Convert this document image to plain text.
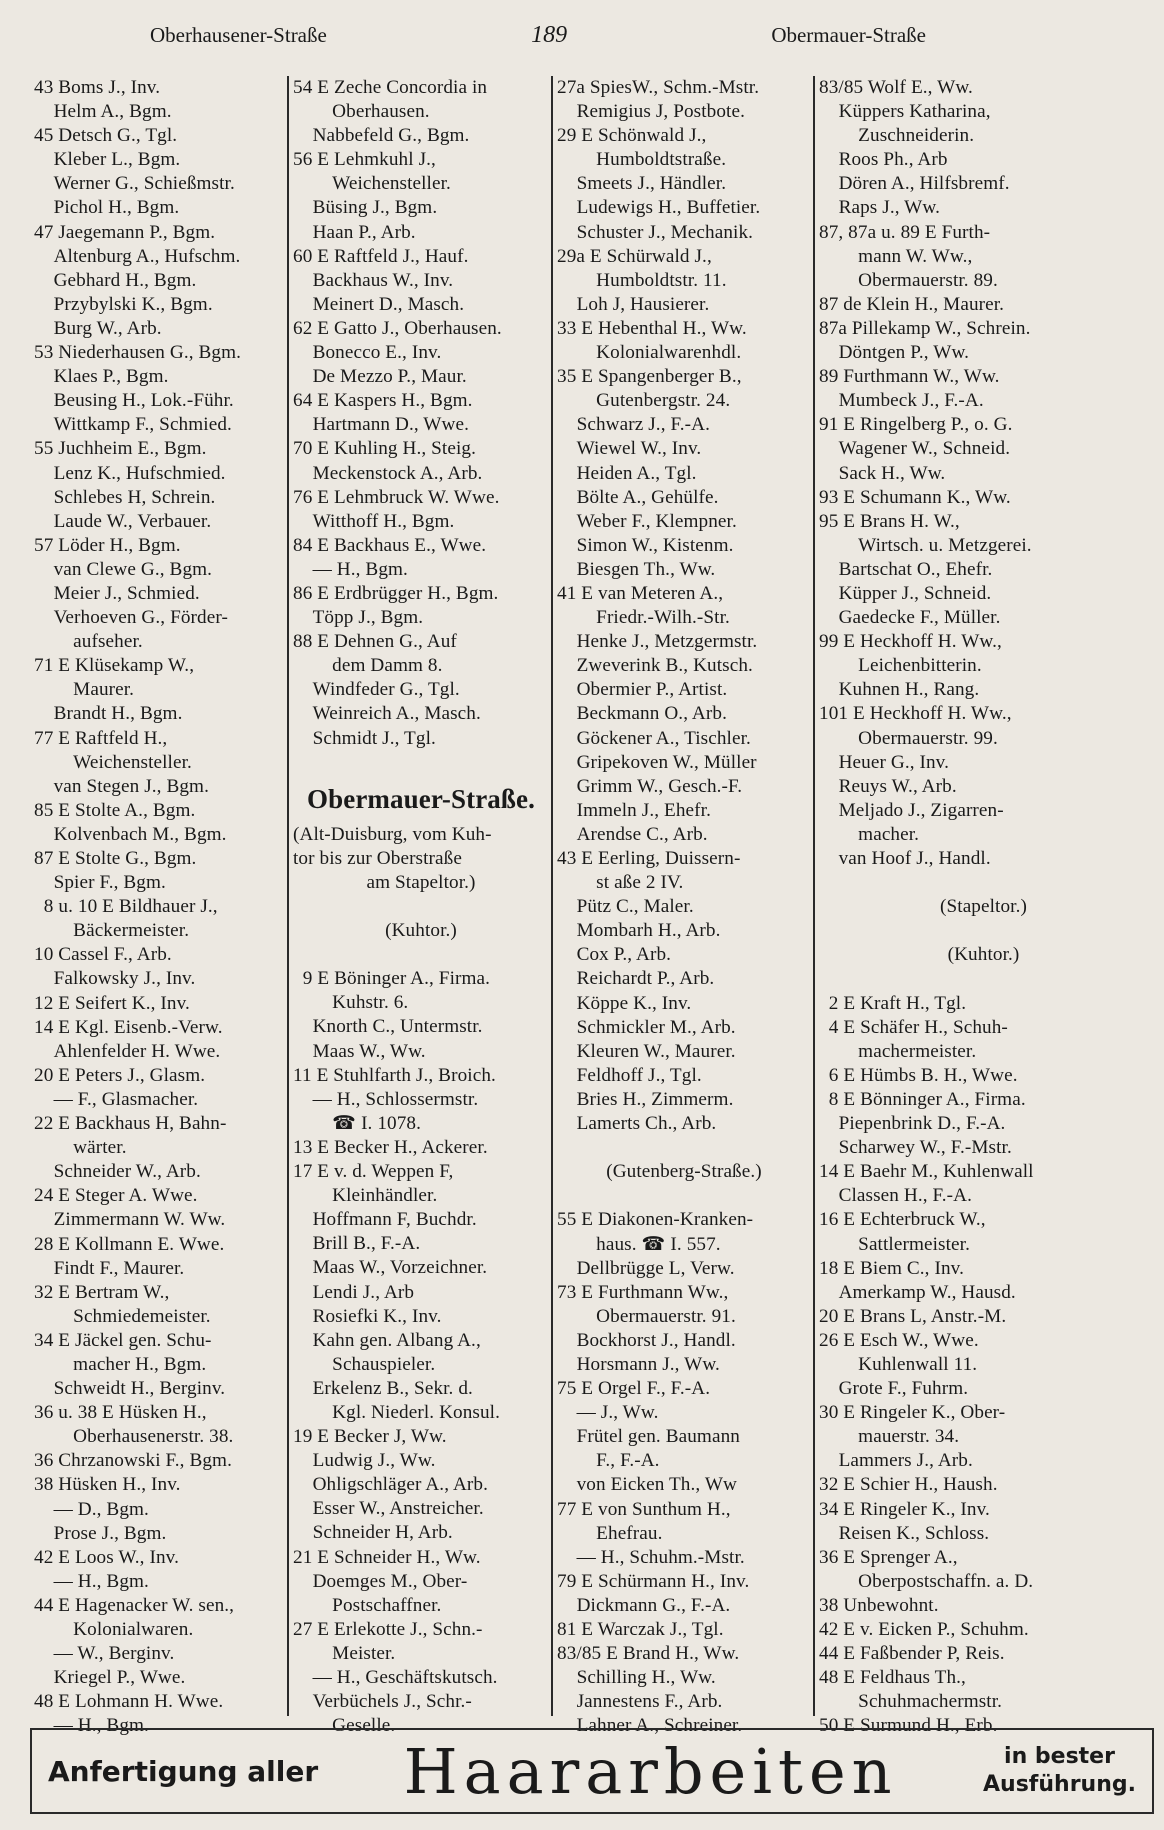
Oberhausener-Straße	189	Obermauer-Straße
43 Boms J., Inv.
Helm A., Bgm.
45 Detsch G., Tgl.
Kleber L., Bgm.
Werner G., Schießmstr.
Pichol H., Bgm.
47 Jaegemann P., Bgm.
Altenburg A., Hufschm.
Gebhard H., Bgm.
Przybylski K., Bgm.
Burg W., Arb.
53 Niederhausen G., Bgm.
Klaes P., Bgm.
Beusing H., Lok.-Führ.
Wittkamp F., Schmied.
55 Juchheim E., Bgm.
Lenz K., Hufschmied.
Schlebes H, Schrein.
Laude W., Verbauer.
57 Löder H., Bgm.
van Clewe G., Bgm.
Meier J., Schmied.
Verhoeven G., Förder-
aufseher.
71 E Klüsekamp W.,
Maurer.
Brandt H., Bgm.
77 E Raftfeld H.,
Weichensteller.
van Stegen J., Bgm.
85 E Stolte A., Bgm.
Kolvenbach M., Bgm.
87 E Stolte G., Bgm.
Spier F., Bgm.
8 u. 10 E Bildhauer J.,
Bäckermeister.
10 Cassel F., Arb.
Falkowsky J., Inv.
12 E Seifert K., Inv.
14 E Kgl. Eisenb.-Verw.
Ahlenfelder H. Wwe.
20 E Peters J., Glasm.
— F., Glasmacher.
22 E Backhaus H, Bahn-
wärter.
Schneider W., Arb.
24 E Steger A. Wwe.
Zimmermann W. Ww.
28 E Kollmann E. Wwe.
Findt F., Maurer.
32 E Bertram W.,
Schmiedemeister.
34 E Jäckel gen. Schu-
macher H., Bgm.
Schweidt H., Berginv.
36 u. 38 E Hüsken H.,
Oberhausenerstr. 38.
36 Chrzanowski F., Bgm.
38 Hüsken H., Inv.
— D., Bgm.
Prose J., Bgm.
42 E Loos W., Inv.
— H., Bgm.
44 E Hagenacker W. sen.,
Kolonialwaren.
— W., Berginv.
Kriegel P., Wwe.
48 E Lohmann H. Wwe.
— H., Bgm.
54 E Zeche Concordia in
Oberhausen.
Nabbefeld G., Bgm.
56 E Lehmkuhl J.,
Weichensteller.
Büsing J., Bgm.
Haan P., Arb.
60 E Raftfeld J., Hauf.
Backhaus W., Inv.
Meinert D., Masch.
62 E Gatto J., Oberhausen.
Bonecco E., Inv.
De Mezzo P., Maur.
64 E Kaspers H., Bgm.
Hartmann D., Wwe.
70 E Kuhling H., Steig.
Meckenstock A., Arb.
76 E Lehmbruck W. Wwe.
Witthoff H., Bgm.
84 E Backhaus E., Wwe.
— H., Bgm.
86 E Erdbrügger H., Bgm.
Töpp J., Bgm.
88 E Dehnen G., Auf
dem Damm 8.
Windfeder G., Tgl.
Weinreich A., Masch.
Schmidt J., Tgl.
Obermauer-Straße.
(Alt-Duisburg, vom Kuh-
tor bis zur Oberstraße
am Stapeltor.)
(Kuhtor.)
9 E Böninger A., Firma.
Kuhstr. 6.
Knorth C., Untermstr.
Maas W., Ww.
11 E Stuhlfarth J., Broich.
— H., Schlossermstr.
☎ I. 1078.
13 E Becker H., Ackerer.
17 E v. d. Weppen F,
Kleinhändler.
Hoffmann F, Buchdr.
Brill B., F.-A.
Maas W., Vorzeichner.
Lendi J., Arb
Rosiefki K., Inv.
Kahn gen. Albang A.,
Schauspieler.
Erkelenz B., Sekr. d.
Kgl. Niederl. Konsul.
19 E Becker J, Ww.
Ludwig J., Ww.
Ohligschläger A., Arb.
Esser W., Anstreicher.
Schneider H, Arb.
21 E Schneider H., Ww.
Doemges M., Ober-
Postschaffner.
27 E Erlekotte J., Schn.-
Meister.
— H., Geschäftskutsch.
Verbüchels J., Schr.-
Geselle.
27a SpiesW., Schm.-Mstr.
Remigius J, Postbote.
29 E Schönwald J.,
Humboldtstraße.
Smeets J., Händler.
Ludewigs H., Buffetier.
Schuster J., Mechanik.
29a E Schürwald J.,
Humboldtstr. 11.
Loh J, Hausierer.
33 E Hebenthal H., Ww.
Kolonialwarenhdl.
35 E Spangenberger B.,
Gutenbergstr. 24.
Schwarz J., F.-A.
Wiewel W., Inv.
Heiden A., Tgl.
Bölte A., Gehülfe.
Weber F., Klempner.
Simon W., Kistenm.
Biesgen Th., Ww.
41 E van Meteren A.,
Friedr.-Wilh.-Str.
Henke J., Metzgermstr.
Zweverink B., Kutsch.
Obermier P., Artist.
Beckmann O., Arb.
Göckener A., Tischler.
Gripekoven W., Müller
Grimm W., Gesch.-F.
Immeln J., Ehefr.
Arendse C., Arb.
43 E Eerling, Duissern-
st aße 2 IV.
Pütz C., Maler.
Mombarh H., Arb.
Cox P., Arb.
Reichardt P., Arb.
Köppe K., Inv.
Schmickler M., Arb.
Kleuren W., Maurer.
Feldhoff J., Tgl.
Bries H., Zimmerm.
Lamerts Ch., Arb.
(Gutenberg-Straße.)
55 E Diakonen-Kranken-
haus. ☎ I. 557.
Dellbrügge L, Verw.
73 E Furthmann Ww.,
Obermauerstr. 91.
Bockhorst J., Handl.
Horsmann J., Ww.
75 E Orgel F., F.-A.
— J., Ww.
Frütel gen. Baumann
F., F.-A.
von Eicken Th., Ww
77 E von Sunthum H.,
Ehefrau.
— H., Schuhm.-Mstr.
79 E Schürmann H., Inv.
Dickmann G., F.-A.
81 E Warczak J., Tgl.
83/85 E Brand H., Ww.
Schilling H., Ww.
Jannestens F., Arb.
Lahner A., Schreiner.
83/85 Wolf E., Ww.
Küppers Katharina,
Zuschneiderin.
Roos Ph., Arb
Dören A., Hilfsbremf.
Raps J., Ww.
87, 87a u. 89 E Furth-
mann W. Ww.,
Obermauerstr. 89.
87 de Klein H., Maurer.
87a Pillekamp W., Schrein.
Döntgen P., Ww.
89 Furthmann W., Ww.
Mumbeck J., F.-A.
91 E Ringelberg P., o. G.
Wagener W., Schneid.
Sack H., Ww.
93 E Schumann K., Ww.
95 E Brans H. W.,
Wirtsch. u. Metzgerei.
Bartschat O., Ehefr.
Küpper J., Schneid.
Gaedecke F., Müller.
99 E Heckhoff H. Ww.,
Leichenbitterin.
Kuhnen H., Rang.
101 E Heckhoff H. Ww.,
Obermauerstr. 99.
Heuer G., Inv.
Reuys W., Arb.
Meljado J., Zigarren-
macher.
van Hoof J., Handl.
(Stapeltor.)
(Kuhtor.)
2 E Kraft H., Tgl.
4 E Schäfer H., Schuh-
machermeister.
6 E Hümbs B. H., Wwe.
8 E Bönninger A., Firma.
Piepenbrink D., F.-A.
Scharwey W., F.-Mstr.
14 E Baehr M., Kuhlenwall
Classen H., F.-A.
16 E Echterbruck W.,
Sattlermeister.
18 E Biem C., Inv.
Amerkamp W., Hausd.
20 E Brans L, Anstr.-M.
26 E Esch W., Wwe.
Kuhlenwall 11.
Grote F., Fuhrm.
30 E Ringeler K., Ober-
mauerstr. 34.
Lammers J., Arb.
32 E Schier H., Haush.
34 E Ringeler K., Inv.
Reisen K., Schloss.
36 E Sprenger A.,
Oberpostschaffn. a. D.
38 Unbewohnt.
42 E v. Eicken P., Schuhm.
44 E Faßbender P, Reis.
48 E Feldhaus Th.,
Schuhmachermstr.
50 E Surmund H., Erb.
Anfertigung aller Haararbeiten	in bester
Ausführung.
